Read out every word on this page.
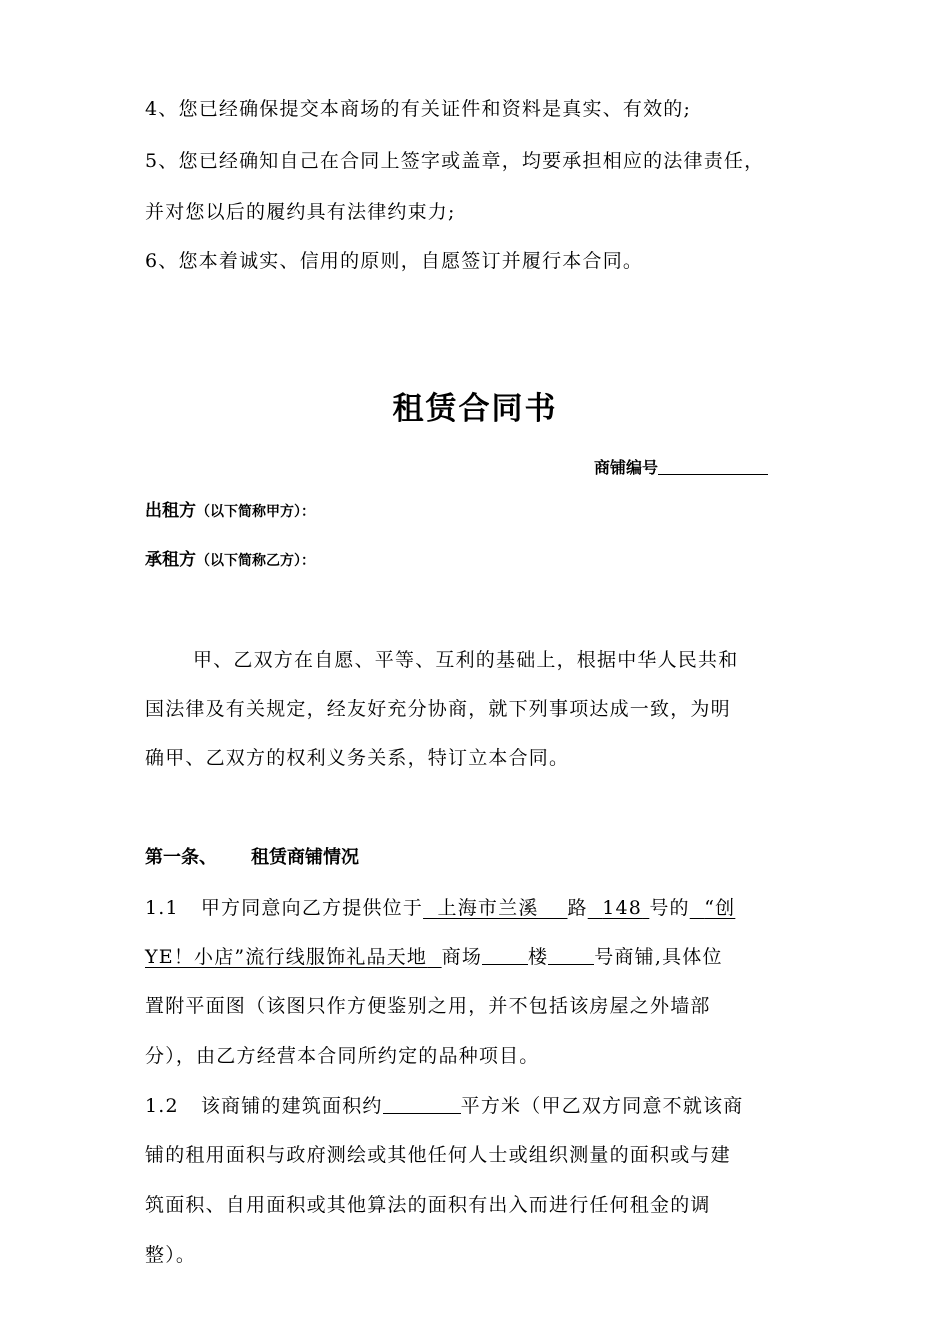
4、您已经确保提交本商场的有关证件和资料是真实、有效的;
5、您已经确知自己在合同上签字或盖章，均要承担相应的法律责任，
并对您以后的履约具有法律约束力;
6、您本着诚实、信用的原则，自愿签订并履行本合同。
租赁合同书
商铺编号
出租方（以下简称甲方）：
承租方（以下简称乙方）：
甲、乙双方在自愿、平等、互利的基础上，根据中华人民共和
国法律及有关规定，经友好充分协商，就下列事项达成一致，为明
确甲、乙双方的权利义务关系，特订立本合同。
第一条、 租赁商铺情况
1.1 甲方同意向乙方提供位于 上海市兰溪 路 148 号的 “创
YE！小店”流行线服饰礼品天地 商场 楼 号商铺,具体位
置附平面图（该图只作方便鉴别之用，并不包括该房屋之外墙部
分），由乙方经营本合同所约定的品种项目。
1.2 该商铺的建筑面积约	平方米（甲乙双方同意不就该商
铺的租用面积与政府测绘或其他任何人士或组织测量的面积或与建
筑面积、自用面积或其他算法的面积有出入而进行任何租金的调
整）。
